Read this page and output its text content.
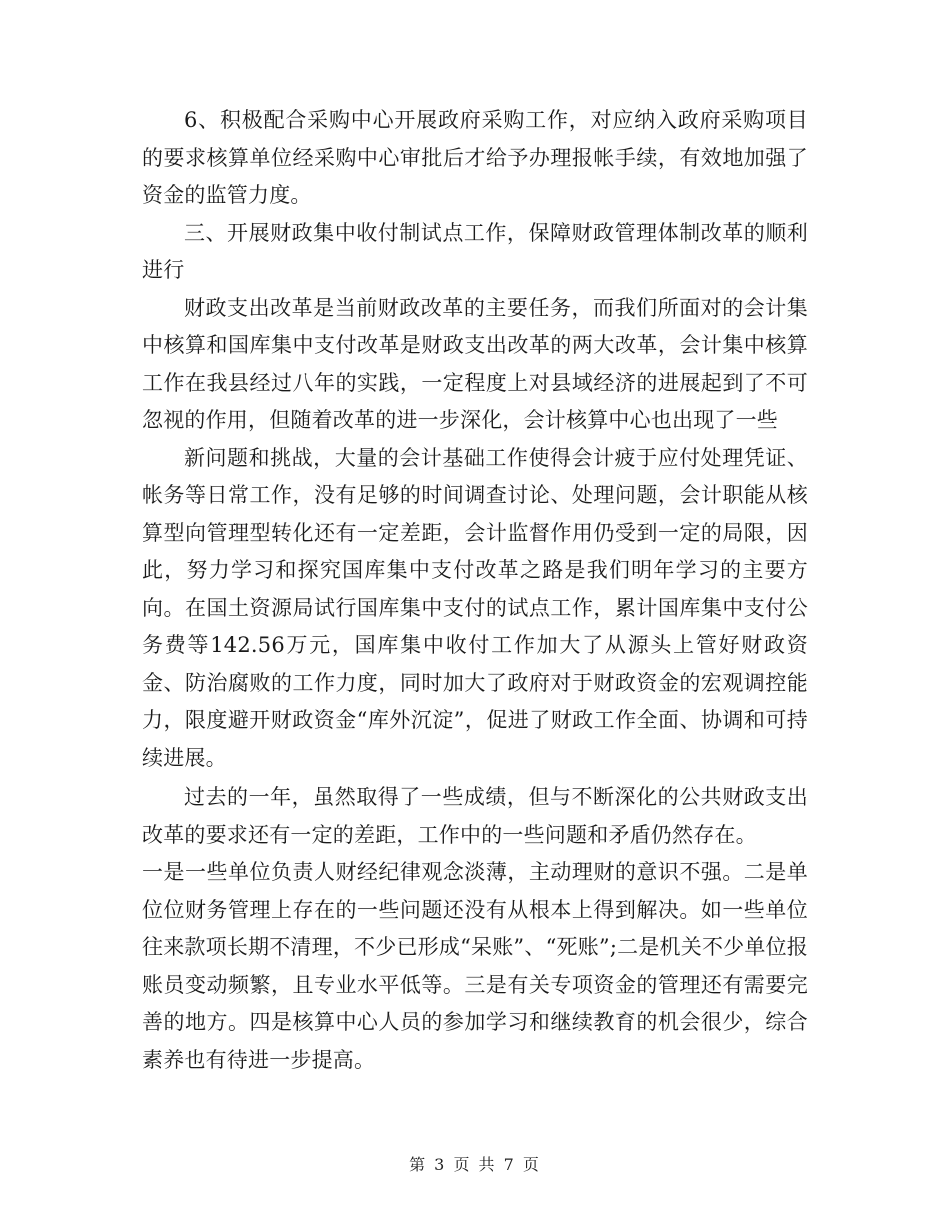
6、积极配合采购中心开展政府采购工作，对应纳入政府采购项目的要求核算单位经采购中心审批后才给予办理报帐手续，有效地加强了资金的监管力度。

三、开展财政集中收付制试点工作，保障财政管理体制改革的顺利进行

财政支出改革是当前财政改革的主要任务，而我们所面对的会计集中核算和国库集中支付改革是财政支出改革的两大改革，会计集中核算工作在我县经过八年的实践，一定程度上对县域经济的进展起到了不可忽视的作用，但随着改革的进一步深化，会计核算中心也出现了一些

新问题和挑战，大量的会计基础工作使得会计疲于应付处理凭证、帐务等日常工作，没有足够的时间调查讨论、处理问题，会计职能从核算型向管理型转化还有一定差距，会计监督作用仍受到一定的局限，因此，努力学习和探究国库集中支付改革之路是我们明年学习的主要方向。在国土资源局试行国库集中支付的试点工作，累计国库集中支付公务费等142.56万元，国库集中收付工作加大了从源头上管好财政资金、防治腐败的工作力度，同时加大了政府对于财政资金的宏观调控能力，限度避开财政资金“库外沉淀”，促进了财政工作全面、协调和可持续进展。

过去的一年，虽然取得了一些成绩，但与不断深化的公共财政支出改革的要求还有一定的差距，工作中的一些问题和矛盾仍然存在。

一是一些单位负责人财经纪律观念淡薄，主动理财的意识不强。二是单位位财务管理上存在的一些问题还没有从根本上得到解决。如一些单位往来款项长期不清理，不少已形成“呆账”、“死账”;二是机关不少单位报账员变动频繁，且专业水平低等。三是有关专项资金的管理还有需要完善的地方。四是核算中心人员的参加学习和继续教育的机会很少，综合素养也有待进一步提高。

第 3 页 共 7 页
